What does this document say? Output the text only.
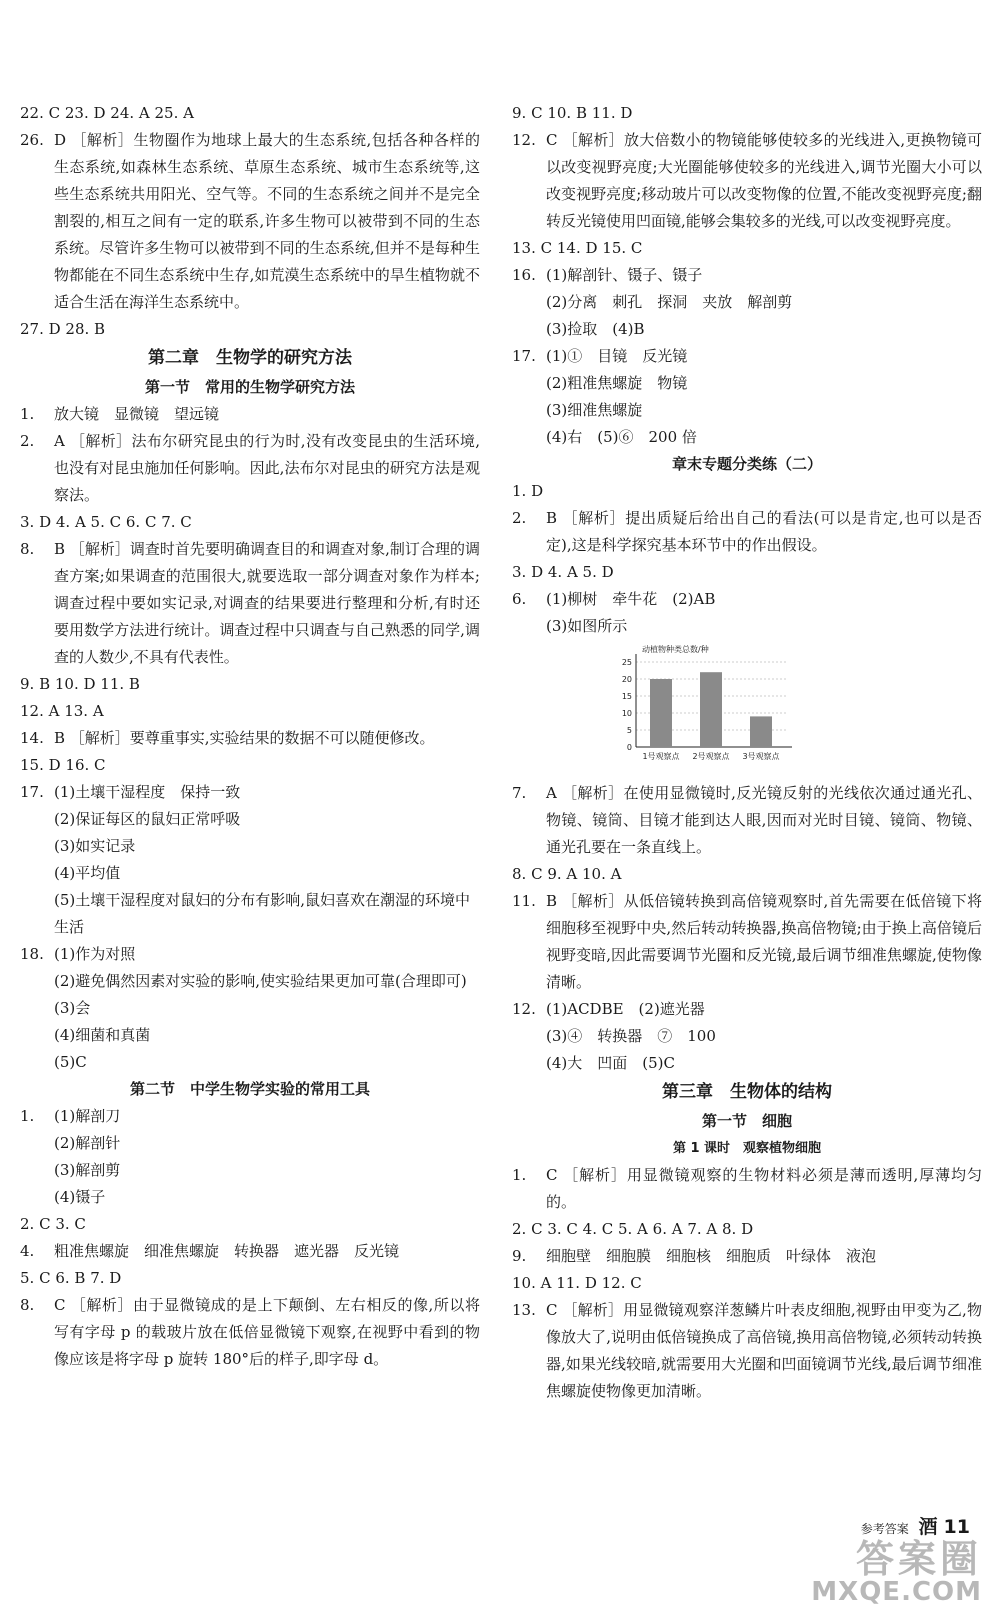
22. C 23. D 24. A 25. A
26. D ［解析］生物圈作为地球上最大的生态系统,包括各种各样的生态系统,如森林生态系统、草原生态系统、城市生态系统等,这些生态系统共用阳光、空气等。不同的生态系统之间并不是完全割裂的,相互之间有一定的联系,许多生物可以被带到不同的生态系统。尽管许多生物可以被带到不同的生态系统,但并不是每种生物都能在不同生态系统中生存,如荒漠生态系统中的旱生植物就不适合生活在海洋生态系统中。
27. D 28. B
第二章　生物学的研究方法
第一节　常用的生物学研究方法
1.	放大镜　显微镜　望远镜
2.	A ［解析］法布尔研究昆虫的行为时,没有改变昆虫的生活环境,也没有对昆虫施加任何影响。因此,法布尔对昆虫的研究方法是观察法。
3. D 4. A 5. C 6. C 7. C
8.	B ［解析］调查时首先要明确调查目的和调查对象,制订合理的调查方案;如果调查的范围很大,就要选取一部分调查对象作为样本;调查过程中要如实记录,对调查的结果要进行整理和分析,有时还要用数学方法进行统计。调查过程中只调查与自己熟悉的同学,调查的人数少,不具有代表性。
9. B 10. D 11. B
12. A 13. A
14. B ［解析］要尊重事实,实验结果的数据不可以随便修改。
15. D 16. C
17. (1)土壤干湿程度　保持一致
(2)保证每区的鼠妇正常呼吸
(3)如实记录
(4)平均值
(5)土壤干湿程度对鼠妇的分布有影响,鼠妇喜欢在潮湿的环境中生活
18. (1)作为对照
(2)避免偶然因素对实验的影响,使实验结果更加可靠(合理即可)
(3)会
(4)细菌和真菌
(5)C
第二节　中学生物学实验的常用工具
1.	(1)解剖刀
(2)解剖针
(3)解剖剪
(4)镊子
2. C 3. C
4.	粗准焦螺旋　细准焦螺旋　转换器　遮光器　反光镜
5. C 6. B 7. D
8.	C ［解析］由于显微镜成的是上下颠倒、左右相反的像,所以将写有字母 p 的载玻片放在低倍显微镜下观察,在视野中看到的物像应该是将字母 p 旋转 180°后的样子,即字母 d。
9. C 10. B 11. D
12. C ［解析］放大倍数小的物镜能够使较多的光线进入,更换物镜可以改变视野亮度;大光圈能够使较多的光线进入,调节光圈大小可以改变视野亮度;移动玻片可以改变物像的位置,不能改变视野亮度;翻转反光镜使用凹面镜,能够会集较多的光线,可以改变视野亮度。
13. C 14. D 15. C
16. (1)解剖针、镊子、镊子
(2)分离　刺孔　探洞　夹放　解剖剪
(3)捡取　(4)B
17. (1)①　目镜　反光镜
(2)粗准焦螺旋　物镜
(3)细准焦螺旋
(4)右　(5)⑥　200 倍
章末专题分类练（二）
1. D
2.	B ［解析］提出质疑后给出自己的看法(可以是肯定,也可以是否定),这是科学探究基本环节中的作出假设。
3. D 4. A 5. D
6.	(1)柳树　牵牛花　(2)AB
(3)如图所示
动植物种类总数/种
0
5
10
15
20
25
1号观察点 2号观察点 3号观察点
7.	A ［解析］在使用显微镜时,反光镜反射的光线依次通过通光孔、物镜、镜筒、目镜才能到达人眼,因而对光时目镜、镜筒、物镜、通光孔要在一条直线上。
8. C 9. A 10. A
11. B ［解析］从低倍镜转换到高倍镜观察时,首先需要在低倍镜下将细胞移至视野中央,然后转动转换器,换高倍物镜;由于换上高倍镜后视野变暗,因此需要调节光圈和反光镜,最后调节细准焦螺旋,使物像清晰。
12. (1)ACDBE　(2)遮光器
(3)④　转换器　⑦　100
(4)大　凹面　(5)C
第三章　生物体的结构
第一节　细胞
第 1 课时　观察植物细胞
1.	C ［解析］用显微镜观察的生物材料必须是薄而透明,厚薄均匀的。
2. C 3. C 4. C 5. A 6. A 7. A 8. D
9.	细胞壁　细胞膜　细胞核　细胞质　叶绿体　液泡
10. A 11. D 12. C
13. C ［解析］用显微镜观察洋葱鳞片叶表皮细胞,视野由甲变为乙,物像放大了,说明由低倍镜换成了高倍镜,换用高倍物镜,必须转动转换器,如果光线较暗,就需要用大光圈和凹面镜调节光线,最后调节细准焦螺旋使物像更加清晰。
参考答案 酒 11
答案圈
MXQE.COM
